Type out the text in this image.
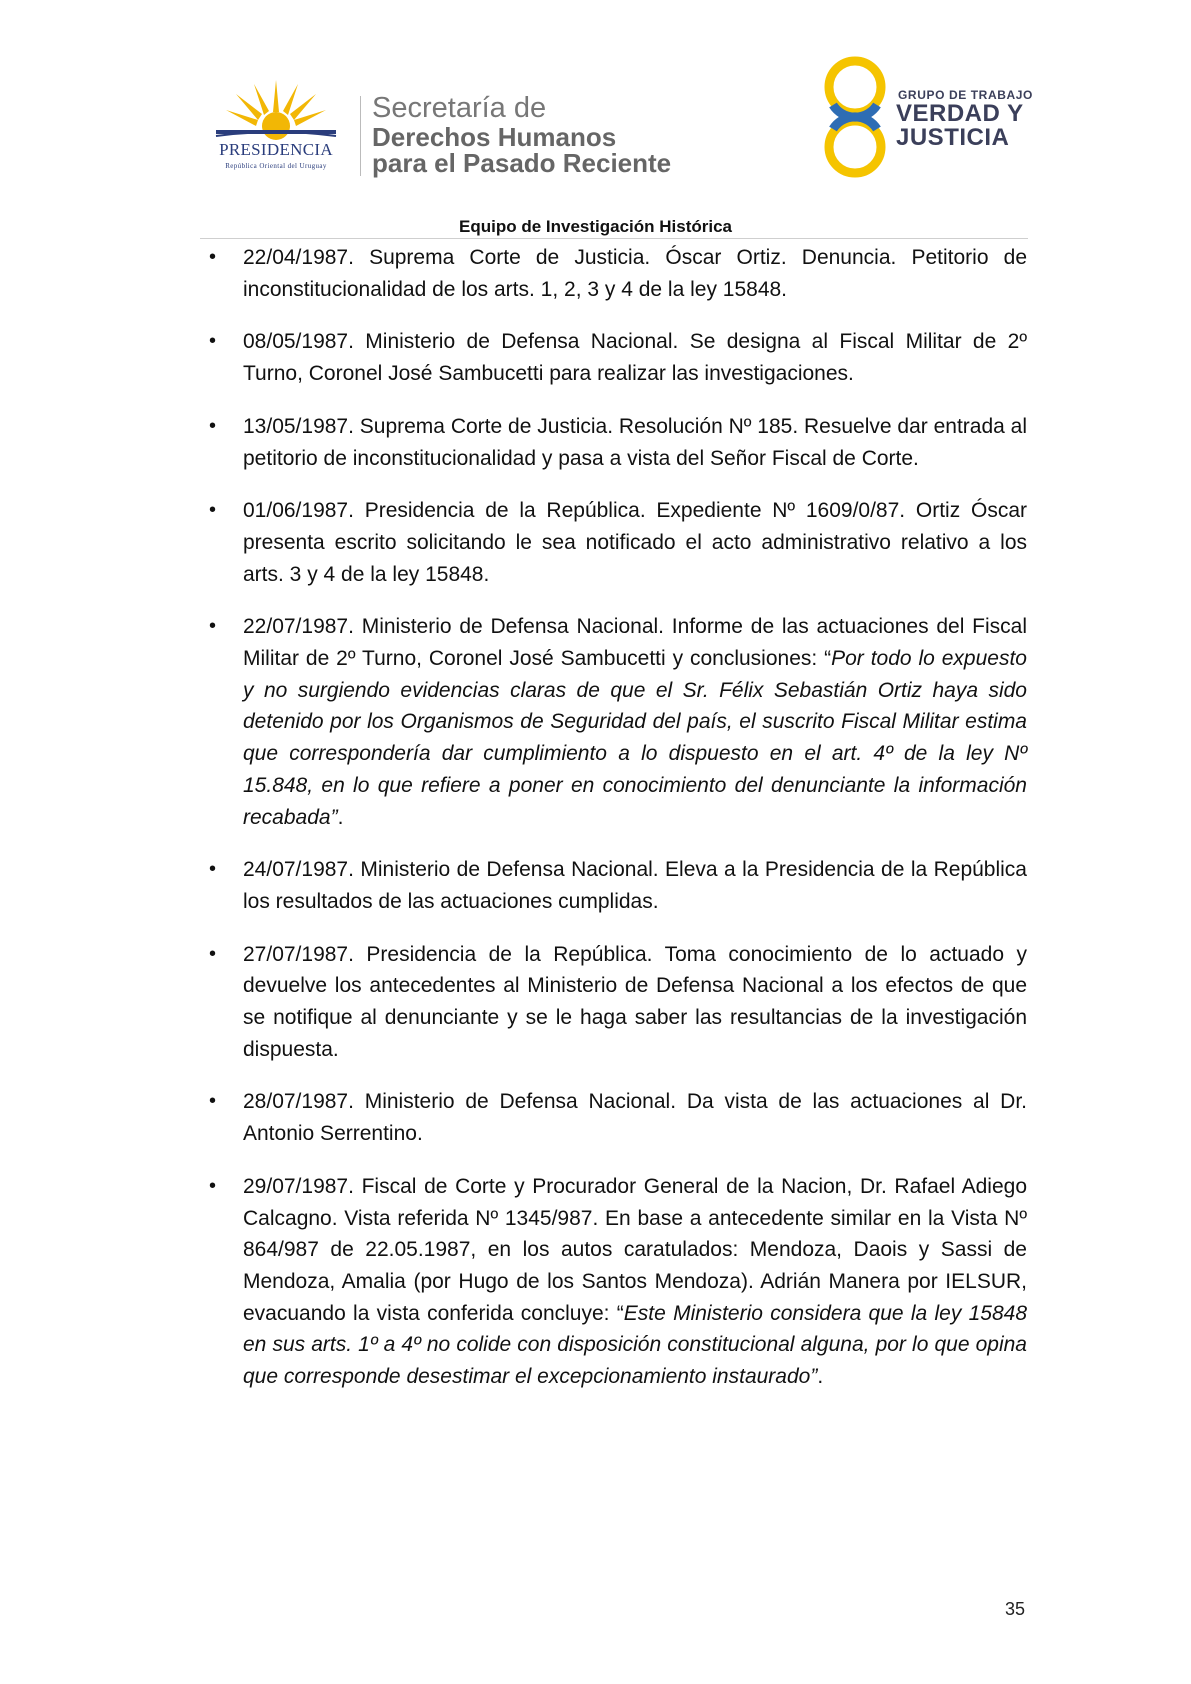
PRESIDENCIA
República Oriental del Uruguay
Secretaría de
Derechos Humanos
para el Pasado Reciente
GRUPO DE TRABAJO
VERDAD Y
JUSTICIA
Equipo de Investigación Histórica
•	22/04/1987. Suprema Corte de Justicia. Óscar Ortiz. Denuncia. Petitorio de inconstitucionalidad de los arts. 1, 2, 3 y 4 de la ley 15848.
•	08/05/1987. Ministerio de Defensa Nacional. Se designa al Fiscal Militar de 2º Turno, Coronel José Sambucetti para realizar las investigaciones.
•	13/05/1987. Suprema Corte de Justicia. Resolución Nº 185. Resuelve dar entrada al petitorio de inconstitucionalidad y pasa a vista del Señor Fiscal de Corte.
•	01/06/1987. Presidencia de la República. Expediente Nº 1609/0/87. Ortiz Óscar presenta escrito solicitando le sea notificado el acto administrativo relativo a los arts. 3 y 4 de la ley 15848.
•	22/07/1987. Ministerio de Defensa Nacional. Informe de las actuaciones del Fiscal Militar de 2º Turno, Coronel José Sambucetti y conclusiones: “Por todo lo expuesto y no surgiendo evidencias claras de que el Sr. Félix Sebastián Ortiz haya sido detenido por los Organismos de Seguridad del país, el suscrito Fiscal Militar estima que correspondería dar cumplimiento a lo dispuesto en el art. 4º de la ley Nº 15.848, en lo que refiere a poner en conocimiento del denunciante la información recabada”.
•	24/07/1987. Ministerio de Defensa Nacional. Eleva a la Presidencia de la República los resultados de las actuaciones cumplidas.
•	27/07/1987. Presidencia de la República. Toma conocimiento de lo actuado y devuelve los antecedentes al Ministerio de Defensa Nacional a los efectos de que se notifique al denunciante y se le haga saber las resultancias de la investigación dispuesta.
•	28/07/1987. Ministerio de Defensa Nacional. Da vista de las actuaciones al Dr. Antonio Serrentino.
•	29/07/1987. Fiscal de Corte y Procurador General de la Nacion, Dr. Rafael Adiego Calcagno. Vista referida Nº 1345/987. En base a antecedente similar en la Vista Nº 864/987 de 22.05.1987, en los autos caratulados: Mendoza, Daois y Sassi de Mendoza, Amalia (por Hugo de los Santos Mendoza). Adrián Manera por IELSUR, evacuando la vista conferida concluye: “Este Ministerio considera que la ley 15848 en sus arts. 1º a 4º no colide con disposición constitucional alguna, por lo que opina que corresponde desestimar el excepcionamiento instaurado”.
35
